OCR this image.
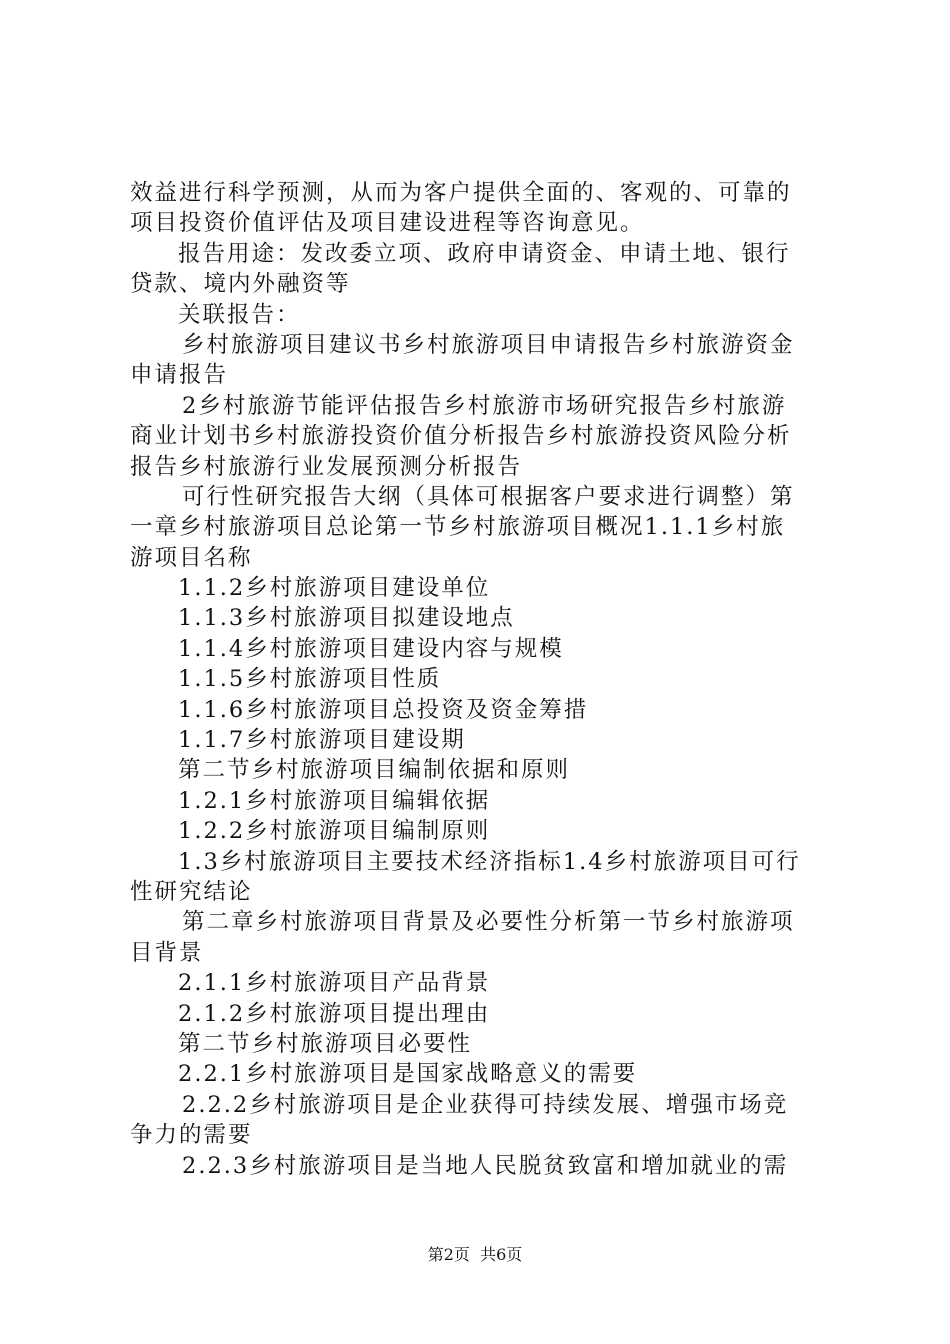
效益进行科学预测，从而为客户提供全面的、客观的、可靠的
项目投资价值评估及项目建设进程等咨询意见。
报告用途：发改委立项、政府申请资金、申请土地、银行
贷款、境内外融资等
关联报告：
乡村旅游项目建议书乡村旅游项目申请报告乡村旅游资金
申请报告
2乡村旅游节能评估报告乡村旅游市场研究报告乡村旅游
商业计划书乡村旅游投资价值分析报告乡村旅游投资风险分析
报告乡村旅游行业发展预测分析报告
可行性研究报告大纲（具体可根据客户要求进行调整）第
一章乡村旅游项目总论第一节乡村旅游项目概况1.1.1乡村旅
游项目名称
1.1.2乡村旅游项目建设单位
1.1.3乡村旅游项目拟建设地点
1.1.4乡村旅游项目建设内容与规模
1.1.5乡村旅游项目性质
1.1.6乡村旅游项目总投资及资金筹措
1.1.7乡村旅游项目建设期
第二节乡村旅游项目编制依据和原则
1.2.1乡村旅游项目编辑依据
1.2.2乡村旅游项目编制原则
1.3乡村旅游项目主要技术经济指标1.4乡村旅游项目可行
性研究结论
第二章乡村旅游项目背景及必要性分析第一节乡村旅游项
目背景
2.1.1乡村旅游项目产品背景
2.1.2乡村旅游项目提出理由
第二节乡村旅游项目必要性
2.2.1乡村旅游项目是国家战略意义的需要
2.2.2乡村旅游项目是企业获得可持续发展、增强市场竞
争力的需要
2.2.3乡村旅游项目是当地人民脱贫致富和增加就业的需
第2页  共6页
